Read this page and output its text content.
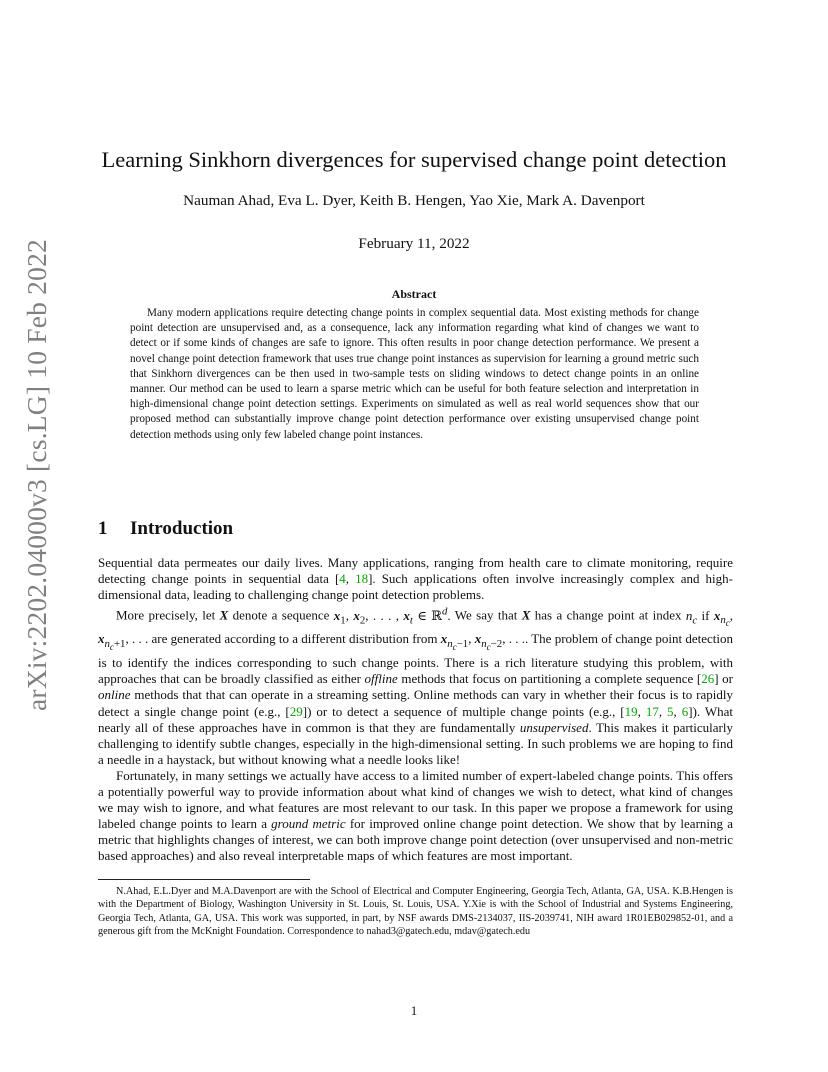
arXiv:2202.04000v3 [cs.LG] 10 Feb 2022
Learning Sinkhorn divergences for supervised change point detection
Nauman Ahad, Eva L. Dyer, Keith B. Hengen, Yao Xie, Mark A. Davenport
February 11, 2022
Abstract

Many modern applications require detecting change points in complex sequential data. Most existing methods for change point detection are unsupervised and, as a consequence, lack any information regarding what kind of changes we want to detect or if some kinds of changes are safe to ignore. This often results in poor change detection performance. We present a novel change point detection framework that uses true change point instances as supervision for learning a ground metric such that Sinkhorn divergences can be then used in two-sample tests on sliding windows to detect change points in an online manner. Our method can be used to learn a sparse metric which can be useful for both feature selection and interpretation in high-dimensional change point detection settings. Experiments on simulated as well as real world sequences show that our proposed method can substantially improve change point detection performance over existing unsupervised change point detection methods using only few labeled change point instances.

1 Introduction

Sequential data permeates our daily lives. Many applications, ranging from health care to climate monitoring, require detecting change points in sequential data [4, 18]. Such applications often involve increasingly complex and high-dimensional data, leading to challenging change point detection problems.

More precisely, let X denote a sequence $x_1$, $x_2$, . . . , $x_t$ ∈ ℝ$^d$. We say that X has a change point at index $n_c$ if $x_{n_c}$, $x_{n_c+1}$, . . . are generated according to a different distribution from $x_{n_c-1}$, $x_{n_c-2}$, . . .. The problem of change point detection is to identify the indices corresponding to such change points. There is a rich literature studying this problem, with approaches that can be broadly classified as either offline methods that focus on partitioning a complete sequence [26] or online methods that that can operate in a streaming setting. Online methods can vary in whether their focus is to rapidly detect a single change point (e.g., [29]) or to detect a sequence of multiple change points (e.g., [19, 17, 5, 6]). What nearly all of these approaches have in common is that they are fundamentally unsupervised. This makes it particularly challenging to identify subtle changes, especially in the high-dimensional setting. In such problems we are hoping to find a needle in a haystack, but without knowing what a needle looks like!

Fortunately, in many settings we actually have access to a limited number of expert-labeled change points. This offers a potentially powerful way to provide information about what kind of changes we wish to detect, what kind of changes we may wish to ignore, and what features are most relevant to our task. In this paper we propose a framework for using labeled change points to learn a ground metric for improved online change point detection. We show that by learning a metric that highlights changes of interest, we can both improve change point detection (over unsupervised and non-metric based approaches) and also reveal interpretable maps of which features are most important.

N.Ahad, E.L.Dyer and M.A.Davenport are with the School of Electrical and Computer Engineering, Georgia Tech, Atlanta, GA, USA. K.B.Hengen is with the Department of Biology, Washington University in St. Louis, St. Louis, USA. Y.Xie is with the School of Industrial and Systems Engineering, Georgia Tech, Atlanta, GA, USA. This work was supported, in part, by NSF awards DMS-2134037, IIS-2039741, NIH award 1R01EB029852-01, and a generous gift from the McKnight Foundation. Correspondence to nahad3@gatech.edu, mdav@gatech.edu

1
